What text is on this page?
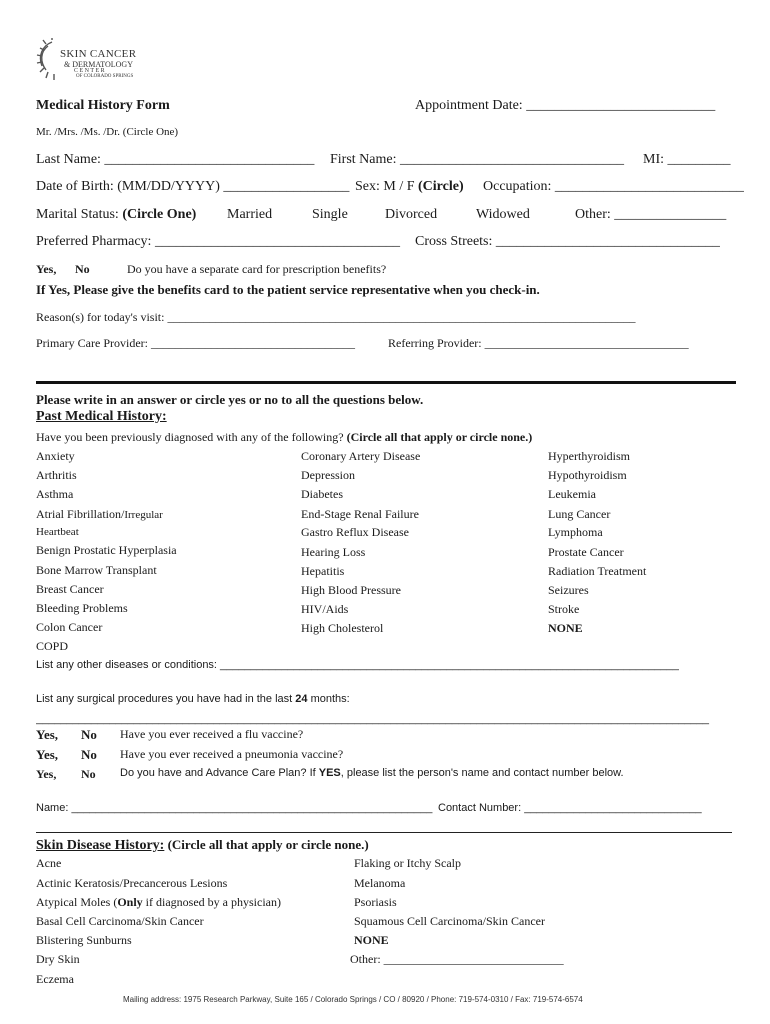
SKIN CANCER
& DERMATOLOGY
C E N T E R
OF COLORADO SPRINGS
Medical History Form	Appointment Date: ___________________________
Mr. /Mrs. /Ms. /Dr. (Circle One)
Last Name: ______________________________ First Name: ________________________________ MI: _________
Date of Birth: (MM/DD/YYYY) __________________ Sex: M / F (Circle) Occupation: ___________________________
Marital Status: (Circle One) Married	Single	Divorced	Widowed	Other: ________________
Preferred Pharmacy: ___________________________________ Cross Streets: ________________________________
Yes, No	Do you have a separate card for prescription benefits?
If Yes, Please give the benefits card to the patient service representative when you check-in.
Reason(s) for today's visit: ______________________________________________________________________________
Primary Care Provider: __________________________________	Referring Provider: __________________________________
Please write in an answer or circle yes or no to all the questions below.
Past Medical History:
Have you been previously diagnosed with any of the following? (Circle all that apply or circle none.)
Anxiety
Arthritis
Asthma
Atrial Fibrillation/Irregular
Heartbeat
Benign Prostatic Hyperplasia
Bone Marrow Transplant
Breast Cancer
Bleeding Problems
Colon Cancer
COPD
Coronary Artery Disease
Depression
Diabetes
End-Stage Renal Failure
Gastro Reflux Disease
Hearing Loss
Hepatitis
High Blood Pressure
HIV/Aids
High Cholesterol
Hyperthyroidism
Hypothyroidism
Leukemia
Lung Cancer
Lymphoma
Prostate Cancer
Radiation Treatment
Seizures
Stroke
NONE
List any other diseases or conditions: ___________________________________________________________________________
List any surgical procedures you have had in the last 24 months:
______________________________________________________________________________________________________________
Yes, No Have you ever received a flu vaccine?
Yes, No Have you ever received a pneumonia vaccine?
Yes, No Do you have and Advance Care Plan? If YES, please list the person's name and contact number below.
Name: ___________________________________________________________ Contact Number: _____________________________
Skin Disease History: (Circle all that apply or circle none.)
Acne
Actinic Keratosis/Precancerous Lesions
Atypical Moles (Only if diagnosed by a physician)
Basal Cell Carcinoma/Skin Cancer
Blistering Sunburns
Dry Skin
Eczema
Flaking or Itchy Scalp
Melanoma
Psoriasis
Squamous Cell Carcinoma/Skin Cancer
NONE
Other: ______________________________
Mailing address: 1975 Research Parkway, Suite 165 / Colorado Springs / CO / 80920 / Phone: 719-574-0310 / Fax: 719-574-6574
